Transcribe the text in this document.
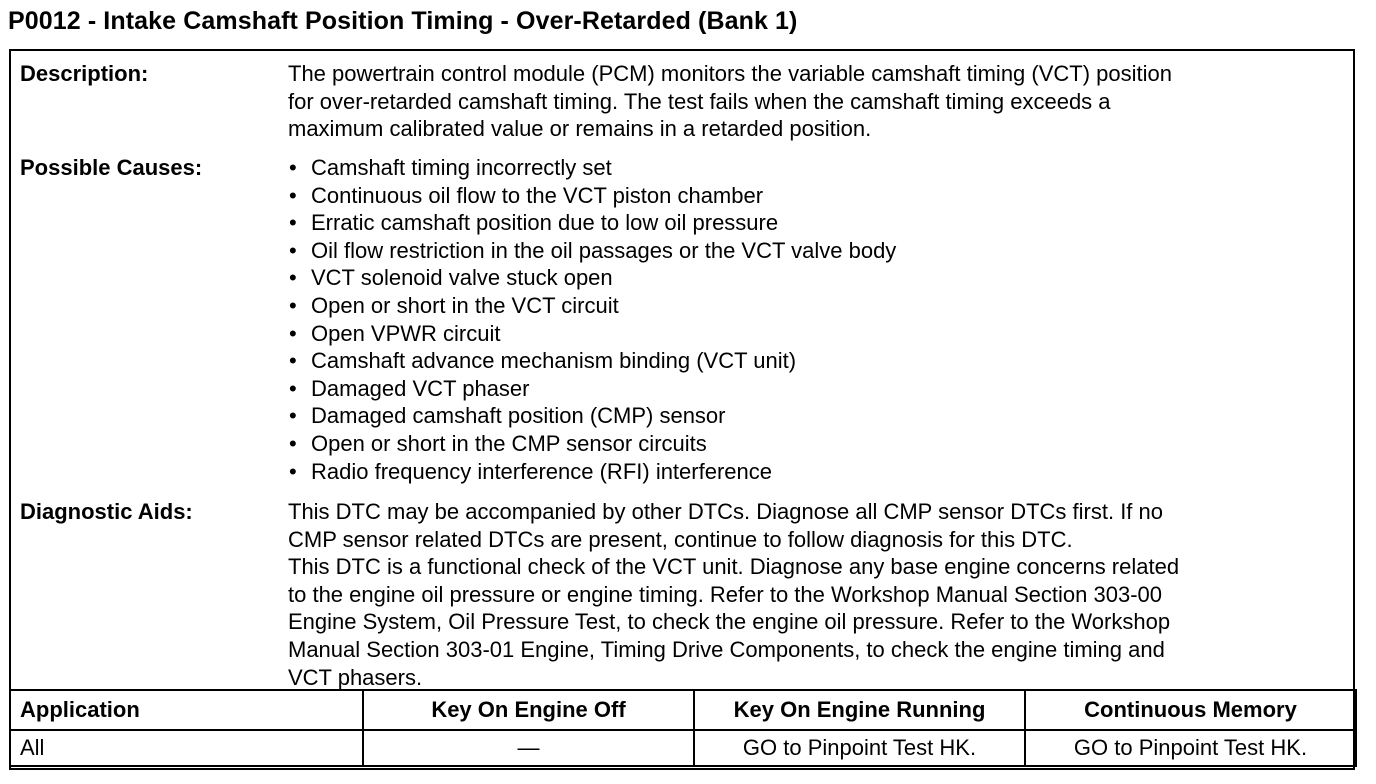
P0012 - Intake Camshaft Position Timing - Over-Retarded (Bank 1)
Description:	The powertrain control module (PCM) monitors the variable camshaft timing (VCT) position
for over-retarded camshaft timing. The test fails when the camshaft timing exceeds a
maximum calibrated value or remains in a retarded position.
Possible Causes:	• Camshaft timing incorrectly set
• Continuous oil flow to the VCT piston chamber
• Erratic camshaft position due to low oil pressure
• Oil flow restriction in the oil passages or the VCT valve body
• VCT solenoid valve stuck open
• Open or short in the VCT circuit
• Open VPWR circuit
• Camshaft advance mechanism binding (VCT unit)
• Damaged VCT phaser
• Damaged camshaft position (CMP) sensor
• Open or short in the CMP sensor circuits
• Radio frequency interference (RFI) interference
Diagnostic Aids:	This DTC may be accompanied by other DTCs. Diagnose all CMP sensor DTCs first. If no
CMP sensor related DTCs are present, continue to follow diagnosis for this DTC.
This DTC is a functional check of the VCT unit. Diagnose any base engine concerns related
to the engine oil pressure or engine timing. Refer to the Workshop Manual Section 303-00
Engine System, Oil Pressure Test, to check the engine oil pressure. Refer to the Workshop
Manual Section 303-01 Engine, Timing Drive Components, to check the engine timing and
VCT phasers.
Application	Key On Engine Off	Key On Engine Running	Continuous Memory
All	—	GO to Pinpoint Test HK.	GO to Pinpoint Test HK.
